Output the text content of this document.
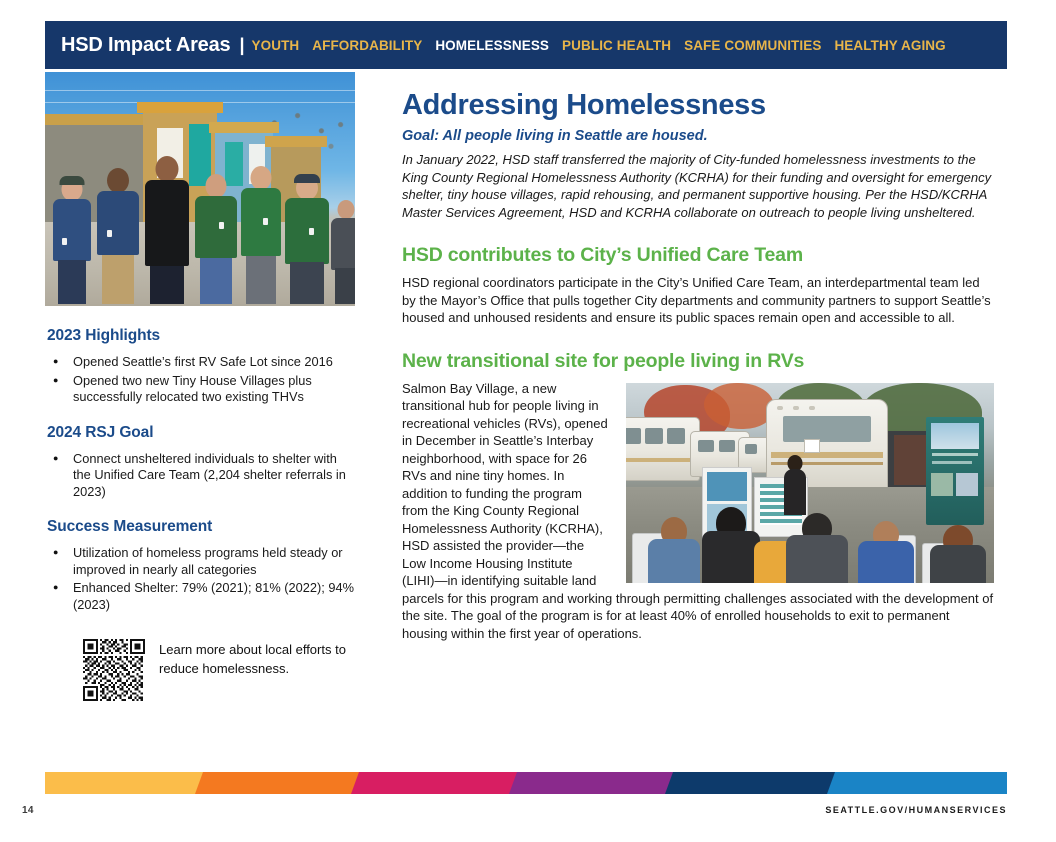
HSD Impact Areas | YOUTH AFFORDABILITY HOMELESSNESS PUBLIC HEALTH SAFE COMMUNITIES HEALTHY AGING
2023 Highlights
● Opened Seattle’s first RV Safe Lot since 2016
● Opened two new Tiny House Villages plus successfully relocated two existing THVs
2024 RSJ Goal
● Connect unsheltered individuals to shelter with the Unified Care Team (2,204 shelter referrals in 2023)
Success Measurement
● Utilization of homeless programs held steady or improved in nearly all categories
● Enhanced Shelter: 79% (2021); 81% (2022); 94% (2023)
Learn more about local efforts to reduce homelessness.
Addressing Homelessness
Goal: All people living in Seattle are housed.

In January 2022, HSD staff transferred the majority of City-funded homelessness investments to the King County Regional Homelessness Authority (KCRHA) for their funding and oversight for emergency shelter, tiny house villages, rapid rehousing, and permanent supportive housing. Per the HSD/KCRHA Master Services Agreement, HSD and KCRHA collaborate on outreach to people living unsheltered.

HSD contributes to City’s Unified Care Team

HSD regional coordinators participate in the City’s Unified Care Team, an interdepartmental team led by the Mayor’s Office that pulls together City departments and community partners to support Seattle’s housed and unhoused residents and ensure its public spaces remain open and accessible to all.

New transitional site for people living in RVs

Salmon Bay Village, a new transitional hub for people living in recreational vehicles (RVs), opened in December in Seattle’s Interbay neighborhood, with space for 26 RVs and nine tiny homes. In addition to funding the program from the King County Regional Homelessness Authority (KCRHA), HSD assisted the provider—the Low Income Housing Institute (LIHI)—in identifying suitable land parcels for this program and working through permitting challenges associated with the development of the site. The goal of the program is for at least 40% of enrolled households to exit to permanent housing within the first year of operations.

14	SEATTLE.GOV/HUMANSERVICES
